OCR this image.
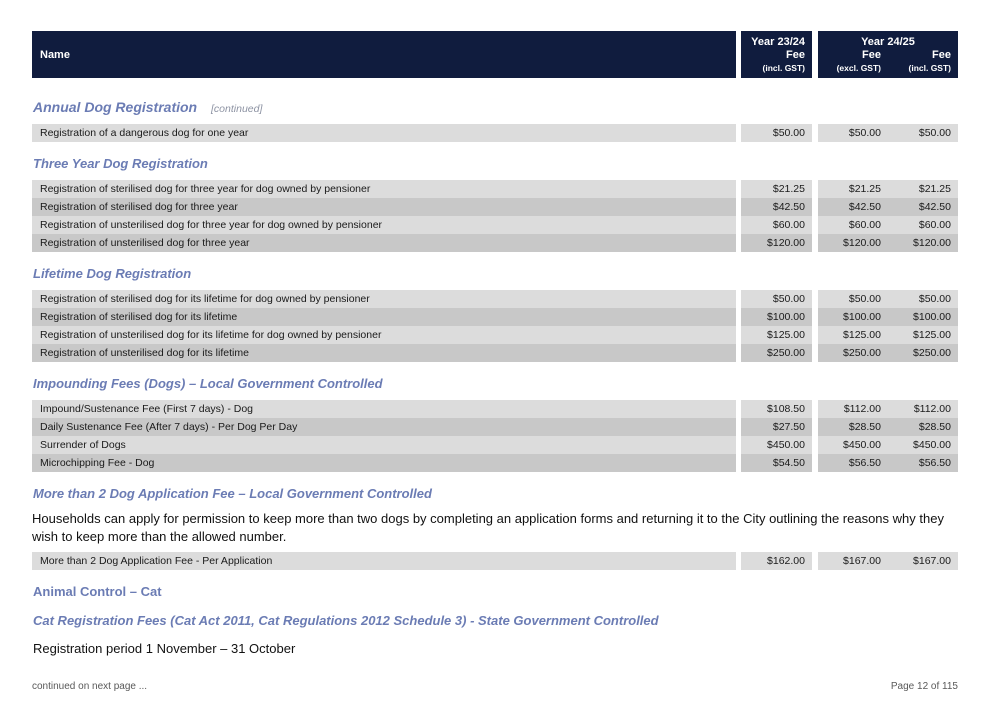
Name
Year 23/24
Fee
(incl. GST)
Year 24/25
Fee	Fee
(excl. GST)	(incl. GST)
Annual Dog Registration [continued]
Registration of a dangerous dog for one year	$50.00	$50.00	$50.00
Three Year Dog Registration
Registration of sterilised dog for three year for dog owned by pensioner	$21.25	$21.25	$21.25
Registration of sterilised dog for three year	$42.50	$42.50	$42.50
Registration of unsterilised dog for three year for dog owned by pensioner	$60.00	$60.00	$60.00
Registration of unsterilised dog for three year	$120.00	$120.00	$120.00
Lifetime Dog Registration
Registration of sterilised dog for its lifetime for dog owned by pensioner	$50.00	$50.00	$50.00
Registration of sterilised dog for its lifetime	$100.00	$100.00	$100.00
Registration of unsterilised dog for its lifetime for dog owned by pensioner	$125.00	$125.00	$125.00
Registration of unsterilised dog for its lifetime	$250.00	$250.00	$250.00
Impounding Fees (Dogs) – Local Government Controlled
Impound/Sustenance Fee (First 7 days) - Dog	$108.50	$112.00	$112.00
Daily Sustenance Fee (After 7 days) - Per Dog Per Day	$27.50	$28.50	$28.50
Surrender of Dogs	$450.00	$450.00	$450.00
Microchipping Fee - Dog	$54.50	$56.50	$56.50
More than 2 Dog Application Fee – Local Government Controlled
Households can apply for permission to keep more than two dogs by completing an application forms and returning it to the City outlining the reasons why they wish to keep more than the allowed number.
More than 2 Dog Application Fee - Per Application	$162.00	$167.00	$167.00
Animal Control – Cat
Cat Registration Fees (Cat Act 2011, Cat Regulations 2012 Schedule 3) - State Government Controlled
Registration period 1 November – 31 October
continued on next page ...	Page 12 of 115
